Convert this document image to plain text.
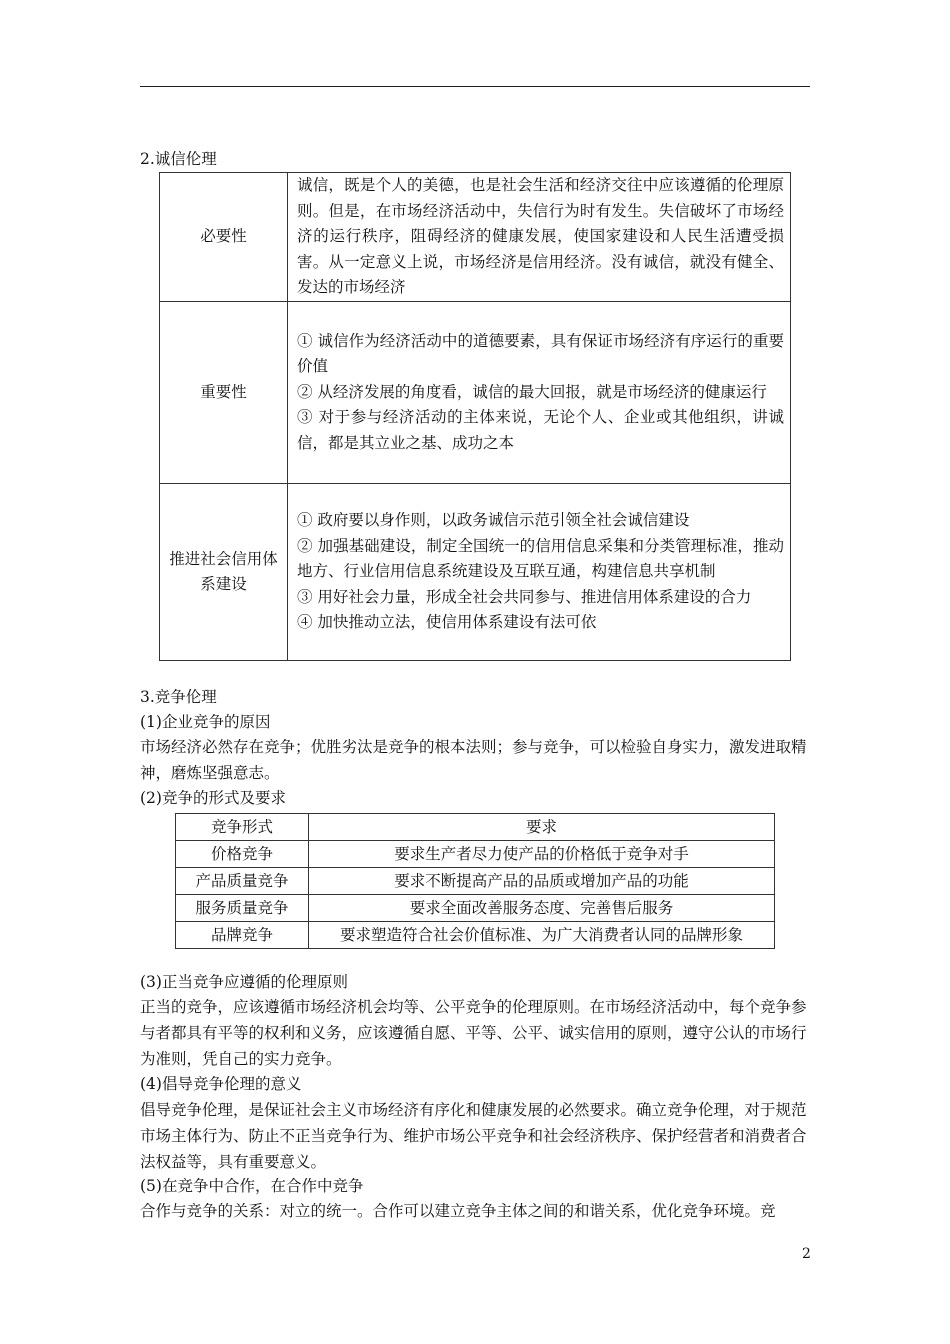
2.诚信伦理
必要性	诚信，既是个人的美德，也是社会生活和经济交往中应该遵循的伦理原则。但是，在市场经济活动中，失信行为时有发生。失信破坏了市场经济的运行秩序，阻碍经济的健康发展，使国家建设和人民生活遭受损害。从一定意义上说，市场经济是信用经济。没有诚信，就没有健全、发达的市场经济

重要性	① 诚信作为经济活动中的道德要素，具有保证市场经济有序运行的重要价值

② 从经济发展的角度看，诚信的最大回报，就是市场经济的健康运行

③ 对于参与经济活动的主体来说，无论个人、企业或其他组织，讲诚信，都是其立业之基、成功之本

推进社会信用体系建设	① 政府要以身作则，以政务诚信示范引领全社会诚信建设

② 加强基础建设，制定全国统一的信用信息采集和分类管理标准，推动地方、行业信用信息系统建设及互联互通，构建信息共享机制

③ 用好社会力量，形成全社会共同参与、推进信用体系建设的合力

④ 加快推动立法，使信用体系建设有法可依

3.竞争伦理
(1)企业竞争的原因
市场经济必然存在竞争；优胜劣汰是竞争的根本法则；参与竞争，可以检验自身实力，激发进取精神，磨炼坚强意志。
(2)竞争的形式及要求
竞争形式	要求
价格竞争	要求生产者尽力使产品的价格低于竞争对手
产品质量竞争	要求不断提高产品的品质或增加产品的功能
服务质量竞争	要求全面改善服务态度、完善售后服务
品牌竞争	要求塑造符合社会价值标准、为广大消费者认同的品牌形象
(3)正当竞争应遵循的伦理原则
正当的竞争，应该遵循市场经济机会均等、公平竞争的伦理原则。在市场经济活动中，每个竞争参与者都具有平等的权利和义务，应该遵循自愿、平等、公平、诚实信用的原则，遵守公认的市场行为准则，凭自己的实力竞争。
(4)倡导竞争伦理的意义
倡导竞争伦理，是保证社会主义市场经济有序化和健康发展的必然要求。确立竞争伦理，对于规范市场主体行为、防止不正当竞争行为、维护市场公平竞争和社会经济秩序、保护经营者和消费者合法权益等，具有重要意义。
(5)在竞争中合作，在合作中竞争
合作与竞争的关系：对立的统一。合作可以建立竞争主体之间的和谐关系，优化竞争环境。竞
2
